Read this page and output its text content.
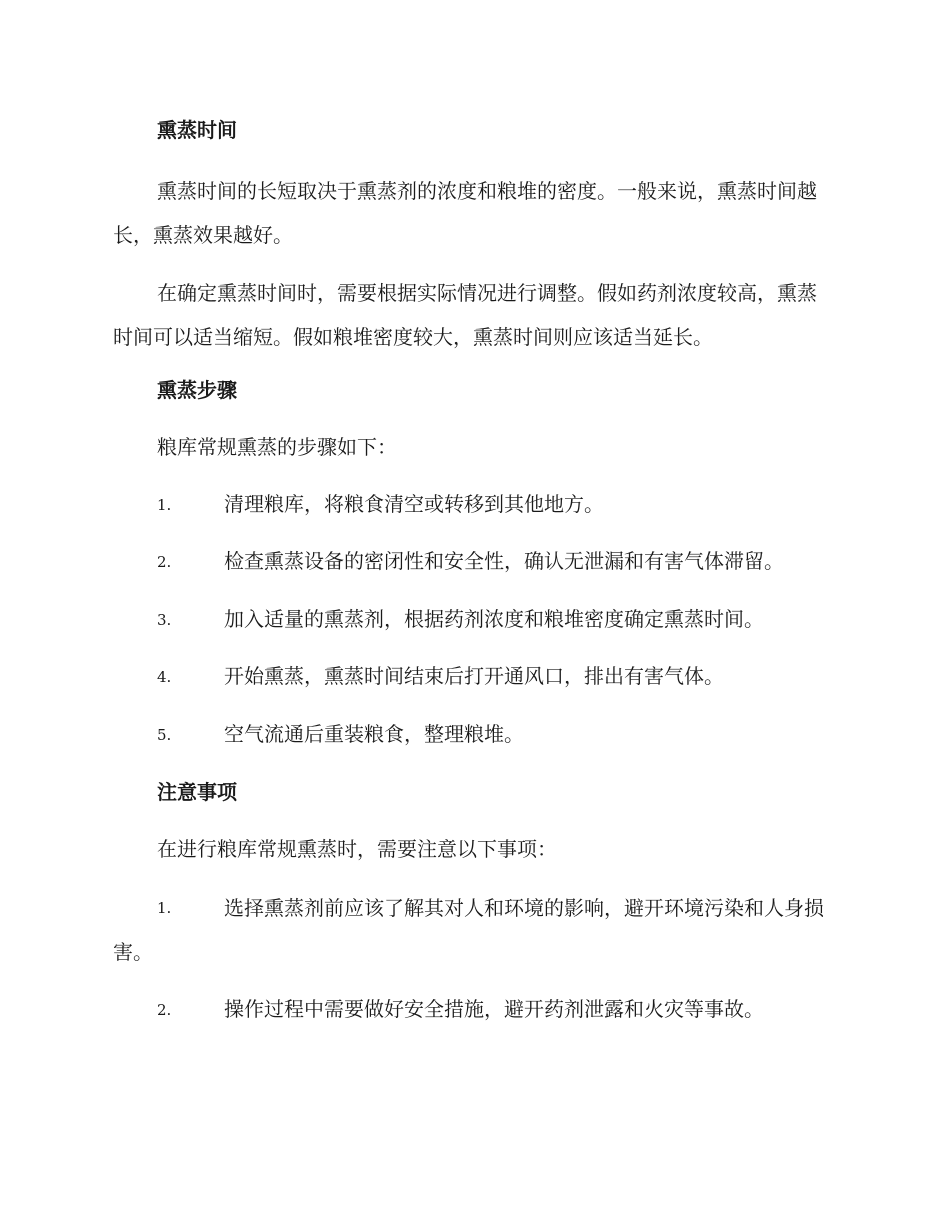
熏蒸时间

熏蒸时间的长短取决于熏蒸剂的浓度和粮堆的密度。一般来说，熏蒸时间越长，熏蒸效果越好。

在确定熏蒸时间时，需要根据实际情况进行调整。假如药剂浓度较高，熏蒸时间可以适当缩短。假如粮堆密度较大，熏蒸时间则应该适当延长。

熏蒸步骤

粮库常规熏蒸的步骤如下：

1.	清理粮库，将粮食清空或转移到其他地方。

2.	检查熏蒸设备的密闭性和安全性，确认无泄漏和有害气体滞留。

3.	加入适量的熏蒸剂，根据药剂浓度和粮堆密度确定熏蒸时间。

4.	开始熏蒸，熏蒸时间结束后打开通风口，排出有害气体。

5.	空气流通后重装粮食，整理粮堆。

注意事项

在进行粮库常规熏蒸时，需要注意以下事项：

1.	选择熏蒸剂前应该了解其对人和环境的影响，避开环境污染和人身损害。
2.	操作过程中需要做好安全措施，避开药剂泄露和火灾等事故。
